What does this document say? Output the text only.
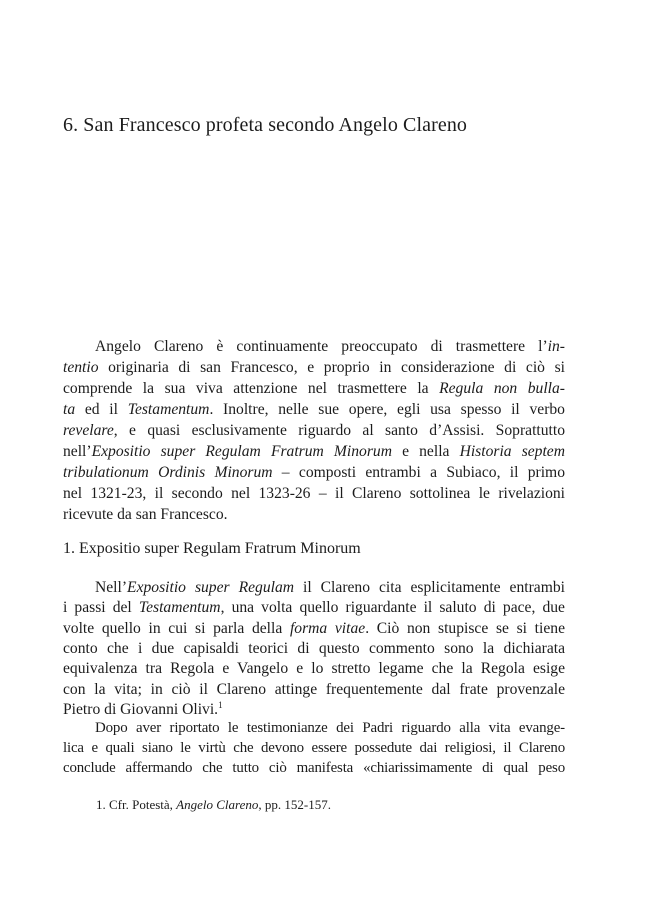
6. San Francesco profeta secondo Angelo Clareno
Angelo Clareno è continuamente preoccupato di trasmettere l’in-
tentio originaria di san Francesco, e proprio in considerazione di ciò si
comprende la sua viva attenzione nel trasmettere la Regula non bulla-
ta ed il Testamentum. Inoltre, nelle sue opere, egli usa spesso il verbo
revelare, e quasi esclusivamente riguardo al santo d’Assisi. Soprattutto
nell’Expositio super Regulam Fratrum Minorum e nella Historia septem
tribulationum Ordinis Minorum – composti entrambi a Subiaco, il primo
nel 1321-23, il secondo nel 1323-26 – il Clareno sottolinea le rivelazioni
ricevute da san Francesco.
1. Expositio super Regulam Fratrum Minorum
Nell’Expositio super Regulam il Clareno cita esplicitamente entrambi
i passi del Testamentum, una volta quello riguardante il saluto di pace, due
volte quello in cui si parla della forma vitae. Ciò non stupisce se si tiene
conto che i due capisaldi teorici di questo commento sono la dichiarata
equivalenza tra Regola e Vangelo e lo stretto legame che la Regola esige
con la vita; in ciò il Clareno attinge frequentemente dal frate provenzale
Pietro di Giovanni Olivi.$^1$
Dopo aver riportato le testimonianze dei Padri riguardo alla vita evange-
lica e quali siano le virtù che devono essere possedute dai religiosi, il Clareno
conclude affermando che tutto ciò manifesta «chiarissimamente di qual peso
1. Cfr. Potestà, Angelo Clareno, pp. 152-157.
